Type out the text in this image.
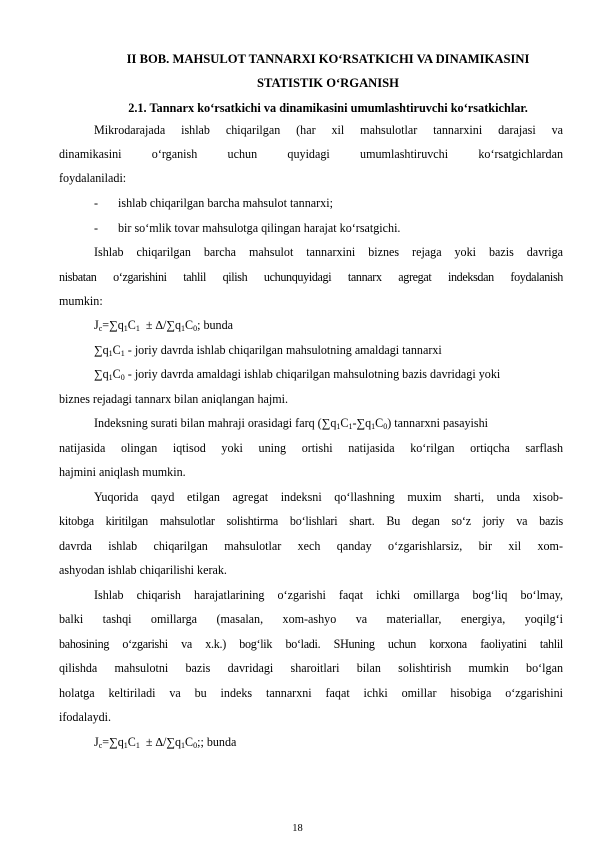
II BOB. MAHSULOT TANNARXI KO‘RSATKICHI VA DINAMIKASINI
STATISTIK O‘RGANISH
2.1. Tannarx ko‘rsatkichi va dinamikasini umumlashtiruvchi ko‘rsatkichlar.
Mikrodarajada ishlab chiqarilgan (har xil mahsulotlar tannarxini darajasi va
dinamikasini o‘rganish uchun quyidagi umumlashtiruvchi ko‘rsatgichlardan
foydalaniladi:
- ishlab chiqarilgan barcha mahsulot tannarxi;
- bir so‘mlik tovar mahsulotga qilingan harajat ko‘rsatgichi.
Ishlab chiqarilgan barcha mahsulot tannarxini biznes rejaga yoki bazis davriga
nisbatan o‘zgarishini tahlil qilish uchunquyidagi tannarx agregat indeksdan foydalanish
mumkin:
$J_c=\sum q_1C_1 \pm \Delta/\sum q_1C_0$; bunda
$\sum q_1C_1$ - joriy davrda ishlab chiqarilgan mahsulotning amaldagi tannarxi
$\sum q_1C_0$ - joriy davrda amaldagi ishlab chiqarilgan mahsulotning bazis davridagi yoki
biznes rejadagi tannarx bilan aniqlangan hajmi.
Indeksning surati bilan mahraji orasidagi farq $(\sum q_1C_1-\sum q_1C_0)$ tannarxni pasayishi
natijasida olingan iqtisod yoki uning ortishi natijasida ko‘rilgan ortiqcha sarflash
hajmini aniqlash mumkin.
Yuqorida qayd etilgan agregat indeksni qo‘llashning muxim sharti, unda xisob-
kitobga kiritilgan mahsulotlar solishtirma bo‘lishlari shart. Bu degan so‘z joriy va bazis
davrda ishlab chiqarilgan mahsulotlar xech qanday o‘zgarishlarsiz, bir xil xom-
ashyodan ishlab chiqarilishi kerak.
Ishlab chiqarish harajatlarining o‘zgarishi faqat ichki omillarga bog‘liq bo‘lmay,
balki tashqi omillarga (masalan, xom-ashyo va materiallar, energiya, yoqilg‘i
bahosining o‘zgarishi va x.k.) bog‘lik bo‘ladi. SHuning uchun korxona faoliyatini tahlil
qilishda mahsulotni bazis davridagi sharoitlari bilan solishtirish mumkin bo‘lgan
holatga keltiriladi va bu indeks tannarxni faqat ichki omillar hisobiga o‘zgarishini
ifodalaydi.
$J_c=\sum q_1C_1 \pm \Delta/\sum q_1C_0$;; bunda
18
